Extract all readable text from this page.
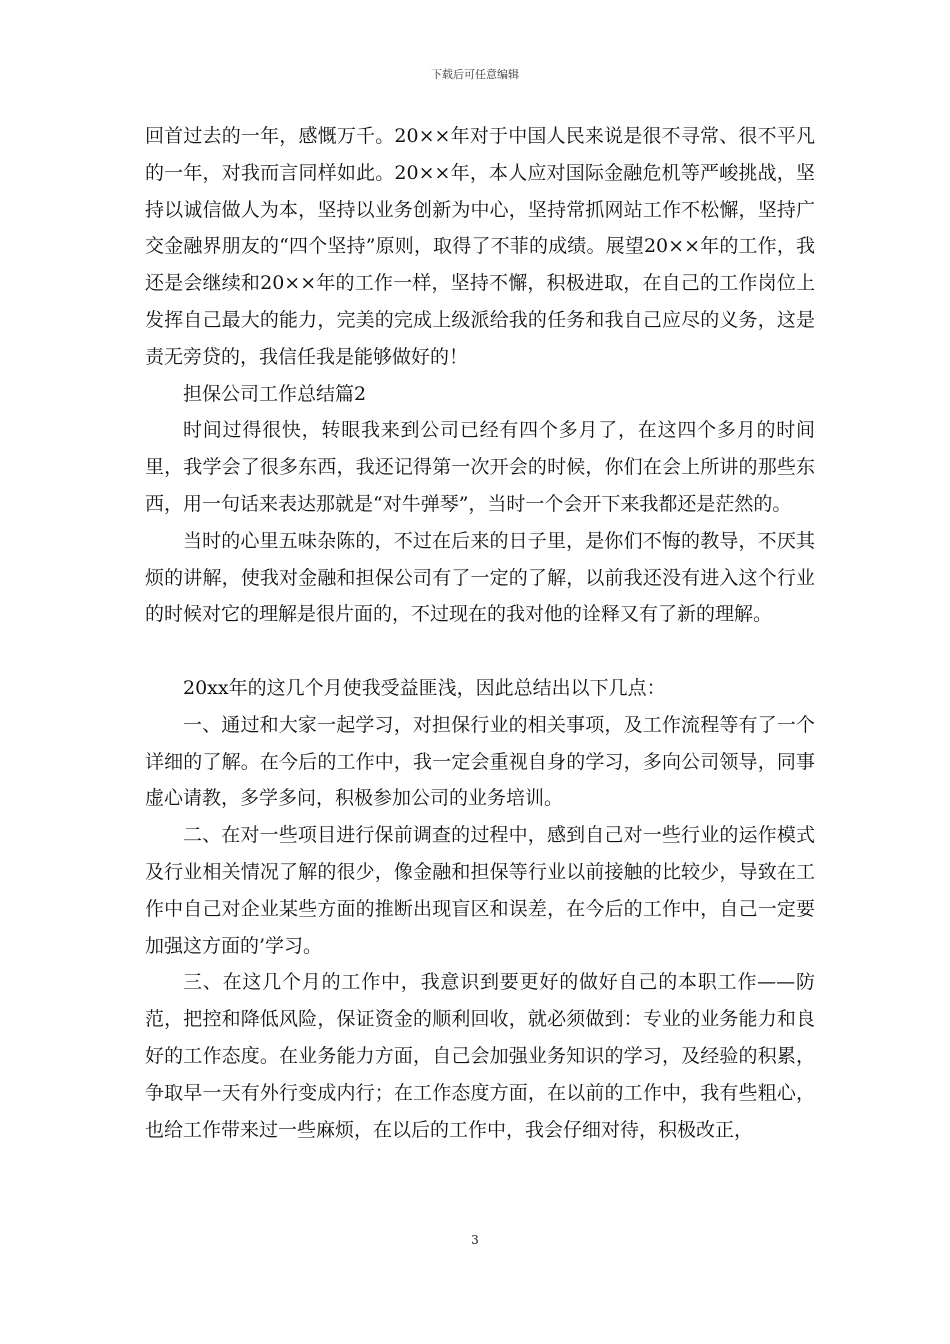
下载后可任意编辑

回首过去的一年，感慨万千。20××年对于中国人民来说是很不寻常、很不平凡的一年，对我而言同样如此。20××年，本人应对国际金融危机等严峻挑战，坚持以诚信做人为本，坚持以业务创新为中心，坚持常抓网站工作不松懈，坚持广交金融界朋友的“四个坚持”原则，取得了不菲的成绩。展望20××年的工作，我还是会继续和20××年的工作一样，坚持不懈，积极进取，在自己的工作岗位上发挥自己最大的能力，完美的完成上级派给我的任务和我自己应尽的义务，这是责无旁贷的，我信任我是能够做好的！

担保公司工作总结篇2

时间过得很快，转眼我来到公司已经有四个多月了，在这四个多月的时间里，我学会了很多东西，我还记得第一次开会的时候，你们在会上所讲的那些东西，用一句话来表达那就是“对牛弹琴”，当时一个会开下来我都还是茫然的。

当时的心里五味杂陈的，不过在后来的日子里，是你们不悔的教导，不厌其烦的讲解，使我对金融和担保公司有了一定的了解，以前我还没有进入这个行业的时候对它的理解是很片面的，不过现在的我对他的诠释又有了新的理解。

20xx年的这几个月使我受益匪浅，因此总结出以下几点：

一、通过和大家一起学习，对担保行业的相关事项，及工作流程等有了一个详细的了解。在今后的工作中，我一定会重视自身的学习，多向公司领导，同事虚心请教，多学多问，积极参加公司的业务培训。

二、在对一些项目进行保前调查的过程中，感到自己对一些行业的运作模式及行业相关情况了解的很少，像金融和担保等行业以前接触的比较少，导致在工作中自己对企业某些方面的推断出现盲区和误差，在今后的工作中，自己一定要加强这方面的’学习。

三、在这几个月的工作中，我意识到要更好的做好自己的本职工作——防范，把控和降低风险，保证资金的顺利回收，就必须做到：专业的业务能力和良好的工作态度。在业务能力方面，自己会加强业务知识的学习，及经验的积累，争取早一天有外行变成内行；在工作态度方面，在以前的工作中，我有些粗心，也给工作带来过一些麻烦，在以后的工作中，我会仔细对待，积极改正，

3
